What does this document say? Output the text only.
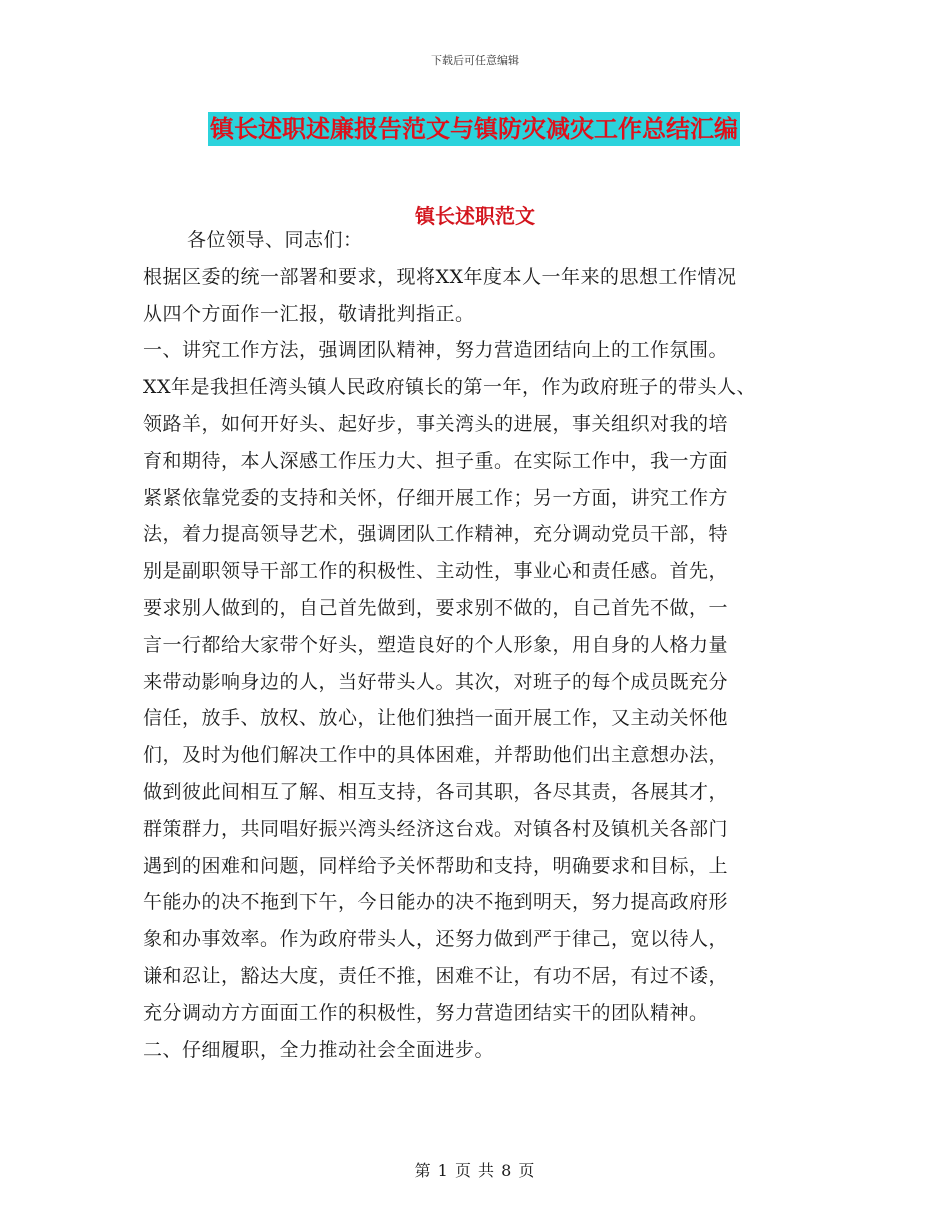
下载后可任意编辑
镇长述职述廉报告范文与镇防灾减灾工作总结汇编
镇长述职范文
各位领导、同志们：
根据区委的统一部署和要求，现将XX年度本人一年来的思想工作情况
从四个方面作一汇报，敬请批判指正。
一、讲究工作方法，强调团队精神，努力营造团结向上的工作氛围。
XX年是我担任湾头镇人民政府镇长的第一年，作为政府班子的带头人、
领路羊，如何开好头、起好步，事关湾头的进展，事关组织对我的培
育和期待，本人深感工作压力大、担子重。在实际工作中，我一方面
紧紧依靠党委的支持和关怀，仔细开展工作；另一方面，讲究工作方
法，着力提高领导艺术，强调团队工作精神，充分调动党员干部，特
别是副职领导干部工作的积极性、主动性，事业心和责任感。首先，
要求别人做到的，自己首先做到，要求别不做的，自己首先不做，一
言一行都给大家带个好头，塑造良好的个人形象，用自身的人格力量
来带动影响身边的人，当好带头人。其次，对班子的每个成员既充分
信任，放手、放权、放心，让他们独挡一面开展工作，又主动关怀他
们，及时为他们解决工作中的具体困难，并帮助他们出主意想办法，
做到彼此间相互了解、相互支持，各司其职，各尽其责，各展其才，
群策群力，共同唱好振兴湾头经济这台戏。对镇各村及镇机关各部门
遇到的困难和问题，同样给予关怀帮助和支持，明确要求和目标，上
午能办的决不拖到下午，今日能办的决不拖到明天，努力提高政府形
象和办事效率。作为政府带头人，还努力做到严于律己，宽以待人，
谦和忍让，豁达大度，责任不推，困难不让，有功不居，有过不诿，
充分调动方方面面工作的积极性，努力营造团结实干的团队精神。
二、仔细履职，全力推动社会全面进步。
第 1 页 共 8 页
